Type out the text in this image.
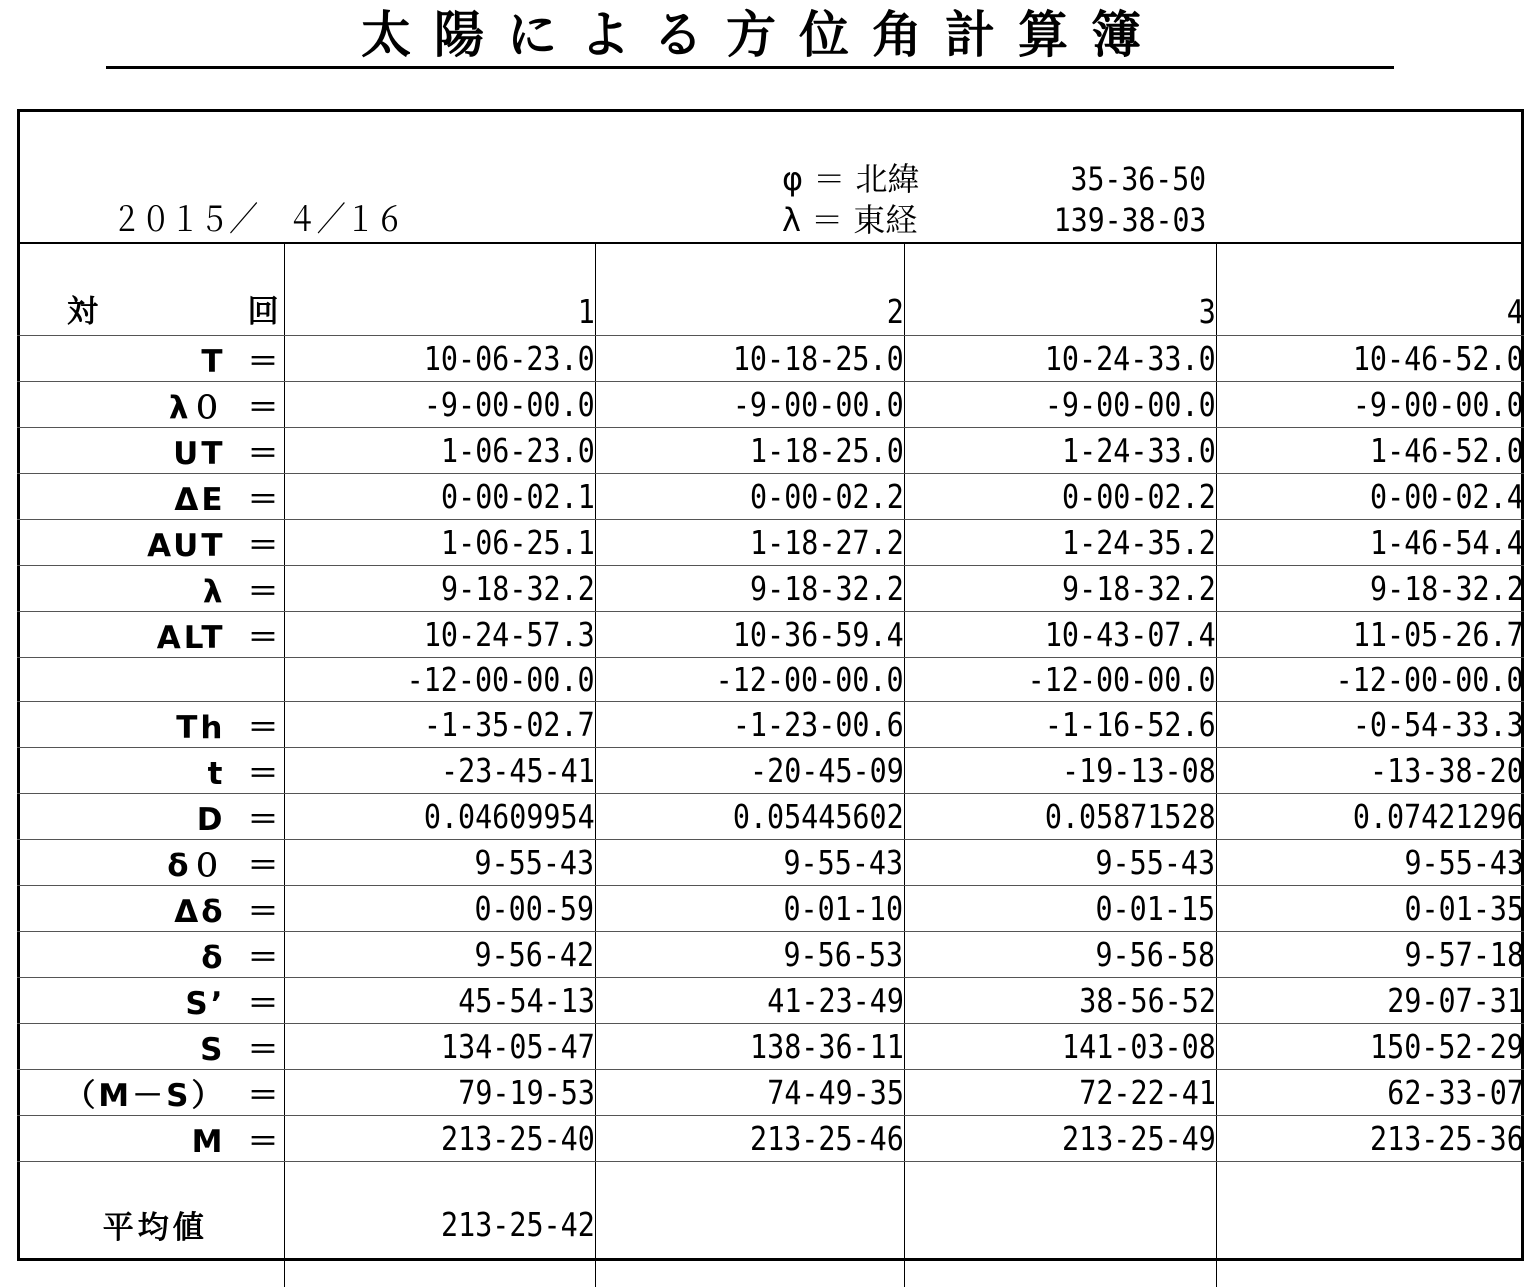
太陽による方位角計算簿
２０１５／　４／１６
φ ＝ 北緯	35-36-50
λ ＝ 東経	139-38-03
対 回	1	2	3	4
T ＝	10-06-23.0	10-18-25.0	10-24-33.0	10-46-52.0
λ０ ＝	-9-00-00.0	-9-00-00.0	-9-00-00.0	-9-00-00.0
UT ＝	1-06-23.0	1-18-25.0	1-24-33.0	1-46-52.0
ΔE ＝	0-00-02.1	0-00-02.2	0-00-02.2	0-00-02.4
AUT ＝	1-06-25.1	1-18-27.2	1-24-35.2	1-46-54.4
λ ＝	9-18-32.2	9-18-32.2	9-18-32.2	9-18-32.2
ALT ＝	10-24-57.3	10-36-59.4	10-43-07.4	11-05-26.7
	-12-00-00.0	-12-00-00.0	-12-00-00.0	-12-00-00.0
Th ＝	-1-35-02.7	-1-23-00.6	-1-16-52.6	-0-54-33.3
t ＝	-23-45-41	-20-45-09	-19-13-08	-13-38-20
D ＝	0.04609954	0.05445602	0.05871528	0.07421296
δ０ ＝	9-55-43	9-55-43	9-55-43	9-55-43
Δδ ＝	0-00-59	0-01-10	0-01-15	0-01-35
δ ＝	9-56-42	9-56-53	9-56-58	9-57-18
S’ ＝	45-54-13	41-23-49	38-56-52	29-07-31
S ＝	134-05-47	138-36-11	141-03-08	150-52-29
（M－S） ＝	79-19-53	74-49-35	72-22-41	62-33-07
M ＝	213-25-40	213-25-46	213-25-49	213-25-36
平均値	213-25-42			
